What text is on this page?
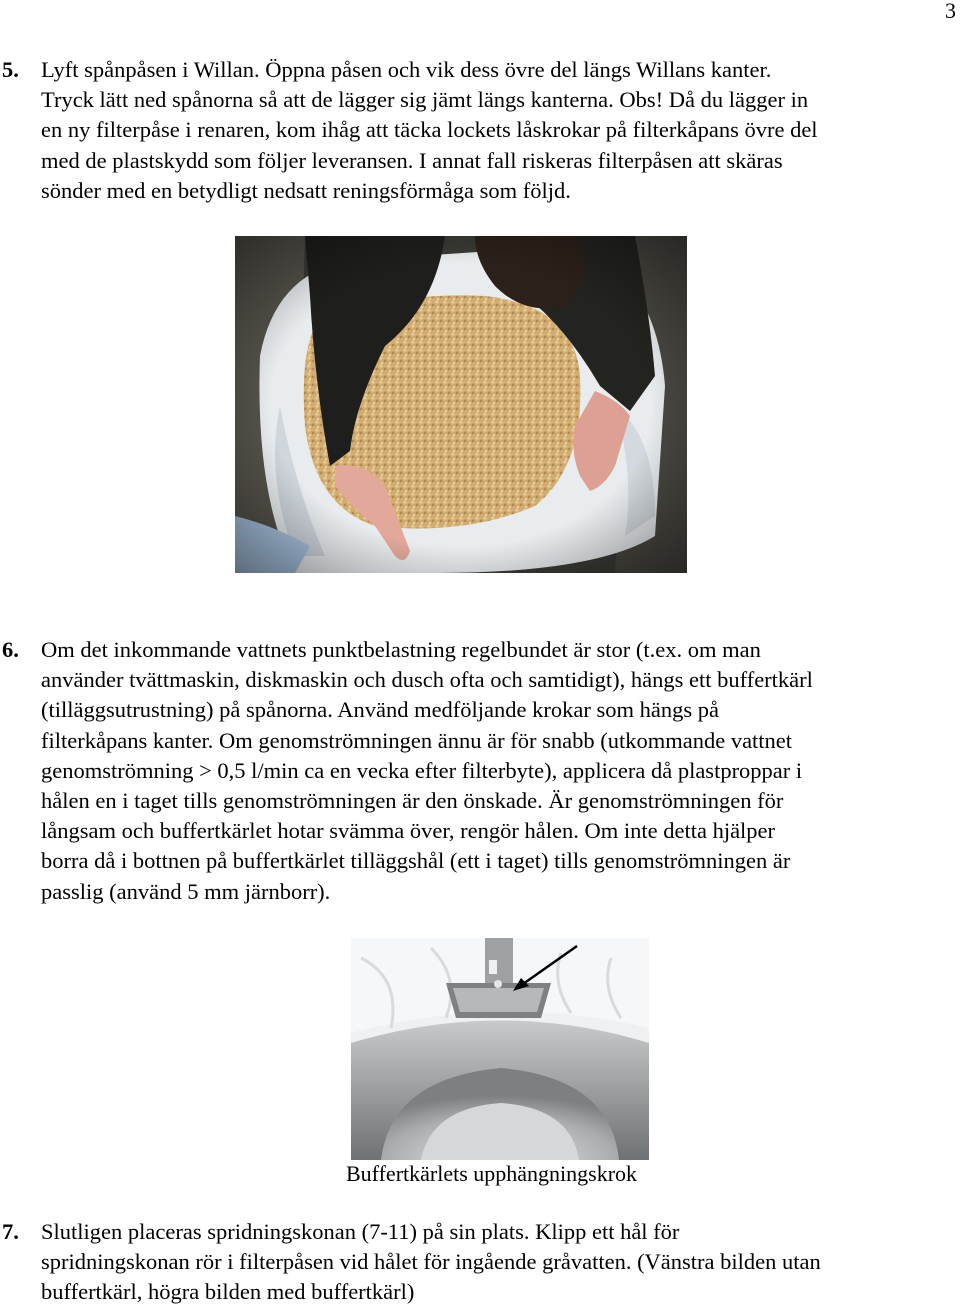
3
5. Lyft spånpåsen i Willan. Öppna påsen och vik dess övre del längs Willans kanter.
Tryck lätt ned spånorna så att de lägger sig jämt längs kanterna. Obs! Då du lägger in
en ny filterpåse i renaren, kom ihåg att täcka lockets låskrokar på filterkåpans övre del
med de plastskydd som följer leveransen. I annat fall riskeras filterpåsen att skäras
sönder med en betydligt nedsatt reningsförmåga som följd.
6. Om det inkommande vattnets punktbelastning regelbundet är stor (t.ex. om man
använder tvättmaskin, diskmaskin och dusch ofta och samtidigt), hängs ett buffertkärl
(tilläggsutrustning) på spånorna. Använd medföljande krokar som hängs på
filterkåpans kanter. Om genomströmningen ännu är för snabb (utkommande vattnet
genomströmning > 0,5 l/min ca en vecka efter filterbyte), applicera då plastproppar i
hålen en i taget tills genomströmningen är den önskade. Är genomströmningen för
långsam och buffertkärlet hotar svämma över, rengör hålen. Om inte detta hjälper
borra då i bottnen på buffertkärlet tilläggshål (ett i taget) tills genomströmningen är
passlig (använd 5 mm järnborr).
Buffertkärlets upphängningskrok
7. Slutligen placeras spridningskonan (7-11) på sin plats. Klipp ett hål för
spridningskonan rör i filterpåsen vid hålet för ingående gråvatten. (Vänstra bilden utan
buffertkärl, högra bilden med buffertkärl)
